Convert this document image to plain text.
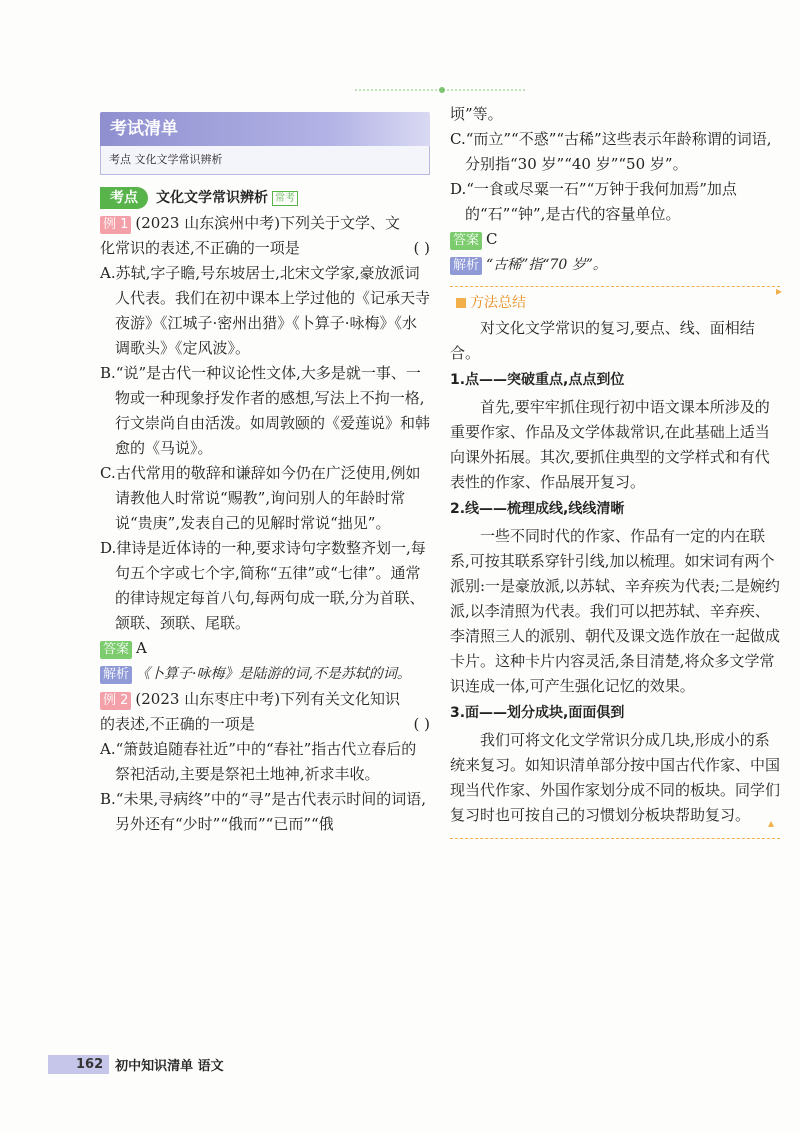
考试清单
考点 文化文学常识辨析
考点	文化文学常识辨析 常考

例 1 (2023 山东滨州中考)下列关于文学、文
化常识的表述,不正确的一项是	( )

A.苏轼,字子瞻,号东坡居士,北宋文学家,豪放派词人代表。我们在初中课本上学过他的《记承天寺夜游》《江城子·密州出猎》《卜算子·咏梅》《水调歌头》《定风波》。

B.“说”是古代一种议论性文体,大多是就一事、一物或一种现象抒发作者的感想,写法上不拘一格,行文崇尚自由活泼。如周敦颐的《爱莲说》和韩愈的《马说》。

C.古代常用的敬辞和谦辞如今仍在广泛使用,例如请教他人时常说“赐教”,询问别人的年龄时常说“贵庚”,发表自己的见解时常说“拙见”。

D.律诗是近体诗的一种,要求诗句字数整齐划一,每句五个字或七个字,简称“五律”或“七律”。通常的律诗规定每首八句,每两句成一联,分为首联、颔联、颈联、尾联。

答案 A

解析 《卜算子·咏梅》是陆游的词,不是苏轼的词。

例 2 (2023 山东枣庄中考)下列有关文化知识
的表述,不正确的一项是	( )

A.“箫鼓追随春社近”中的“春社”指古代立春后的祭祀活动,主要是祭祀土地神,祈求丰收。

B.“未果,寻病终”中的“寻”是古代表示时间的词语,另外还有“少时”“俄而”“已而”“俄

顷”等。

C.“而立”“不惑”“古稀”这些表示年龄称谓的词语,分别指“30 岁”“40 岁”“50 岁”。

D.“一食或尽粟一石”“万钟于我何加焉”加点的“石”“钟”,是古代的容量单位。

答案 C

解析 “古稀”指“70 岁”。

▸
方法总结

对文化文学常识的复习,要点、线、面相结合。

1.点——突破重点,点点到位

首先,要牢牢抓住现行初中语文课本所涉及的重要作家、作品及文学体裁常识,在此基础上适当向课外拓展。其次,要抓住典型的文学样式和有代表性的作家、作品展开复习。

2.线——梳理成线,线线清晰

一些不同时代的作家、作品有一定的内在联系,可按其联系穿针引线,加以梳理。如宋词有两个派别:一是豪放派,以苏轼、辛弃疾为代表;二是婉约派,以李清照为代表。我们可以把苏轼、辛弃疾、李清照三人的派别、朝代及课文选作放在一起做成卡片。这种卡片内容灵活,条目清楚,将众多文学常识连成一体,可产生强化记忆的效果。

3.面——划分成块,面面俱到

我们可将文化文学常识分成几块,形成小的系统来复习。如知识清单部分按中国古代作家、中国现当代作家、外国作家划分成不同的板块。同学们复习时也可按自己的习惯划分板块帮助复习。	▴
162 初中知识清单 语文
